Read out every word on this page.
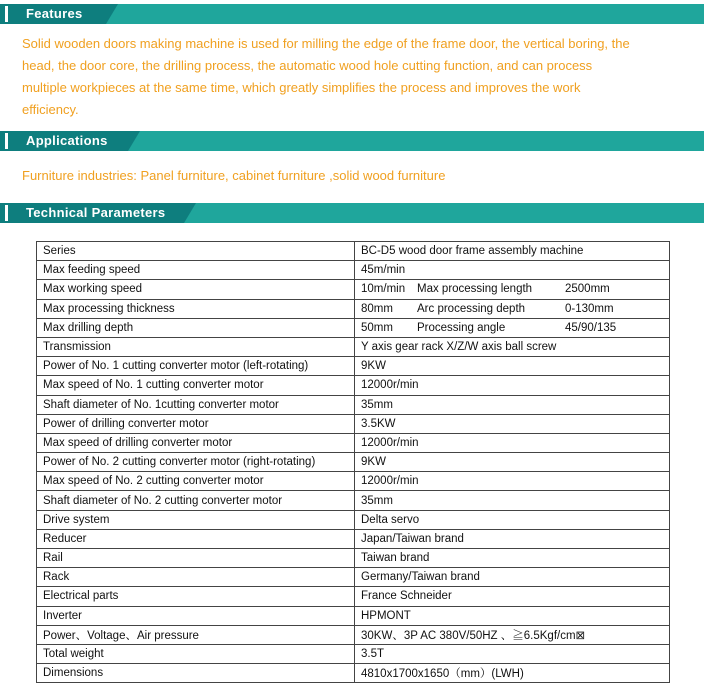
Features
Solid wooden doors making machine is used for milling the edge of the frame door, the vertical boring, the
head, the door core, the drilling process, the automatic wood hole cutting function, and can process
multiple workpieces at the same time, which greatly simplifies the process and improves the work
efficiency.
Applications
Furniture industries: Panel furniture, cabinet furniture ,solid wood furniture
Technical Parameters
Series	BC-D5 wood door frame assembly machine
Max feeding speed	45m/min
Max working speed	10m/min Max processing length 2500mm

Max processing thickness	80mm Arc processing depth 0-130mm

Max drilling depth	50mm Processing angle 45/90/135

Transmission	Y axis gear rack X/Z/W axis ball screw
Power of No. 1 cutting converter motor (left-rotating)	9KW
Max speed of No. 1 cutting converter motor	12000r/min
Shaft diameter of No. 1cutting converter motor	35mm
Power of drilling converter motor	3.5KW
Max speed of drilling converter motor	12000r/min
Power of No. 2 cutting converter motor (right-rotating)	9KW
Max speed of No. 2 cutting converter motor	12000r/min
Shaft diameter of No. 2 cutting converter motor	35mm
Drive system	Delta servo
Reducer	Japan/Taiwan brand
Rail	Taiwan brand
Rack	Germany/Taiwan brand
Electrical parts	France Schneider
Inverter	HPMONT
Power、Voltage、Air pressure	30KW、3P AC 380V/50HZ 、≧6.5Kgf/cm⊠
Total weight	3.5T
Dimensions	4810x1700x1650（mm）(LWH)
